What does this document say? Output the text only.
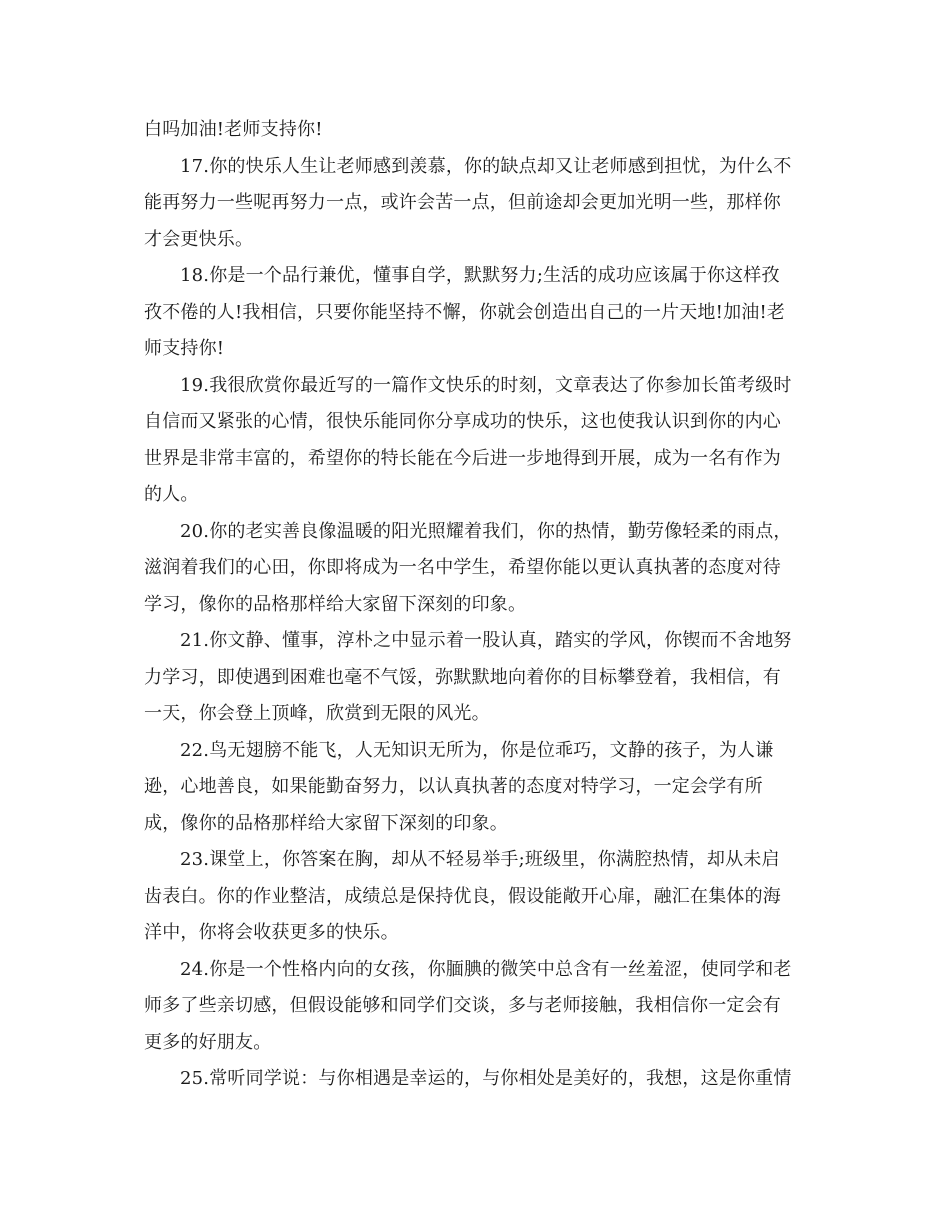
白吗加油!老师支持你!
17.你的快乐人生让老师感到羡慕，你的缺点却又让老师感到担忧，为什么不
能再努力一些呢再努力一点，或许会苦一点，但前途却会更加光明一些，那样你
才会更快乐。
18.你是一个品行兼优，懂事自学，默默努力;生活的成功应该属于你这样孜
孜不倦的人!我相信，只要你能坚持不懈，你就会创造出自己的一片天地!加油!老
师支持你!
19.我很欣赏你最近写的一篇作文快乐的时刻，文章表达了你参加长笛考级时
自信而又紧张的心情，很快乐能同你分享成功的快乐，这也使我认识到你的内心
世界是非常丰富的，希望你的特长能在今后进一步地得到开展，成为一名有作为
的人。
20.你的老实善良像温暖的阳光照耀着我们，你的热情，勤劳像轻柔的雨点，
滋润着我们的心田，你即将成为一名中学生，希望你能以更认真执著的态度对待
学习，像你的品格那样给大家留下深刻的印象。
21.你文静、懂事，淳朴之中显示着一股认真，踏实的学风，你锲而不舍地努
力学习，即使遇到困难也毫不气馁，弥默默地向着你的目标攀登着，我相信，有
一天，你会登上顶峰，欣赏到无限的风光。
22.鸟无翅膀不能飞，人无知识无所为，你是位乖巧，文静的孩子，为人谦
逊，心地善良，如果能勤奋努力，以认真执著的态度对特学习，一定会学有所
成，像你的品格那样给大家留下深刻的印象。
23.课堂上，你答案在胸，却从不轻易举手;班级里，你满腔热情，却从未启
齿表白。你的作业整洁，成绩总是保持优良，假设能敞开心扉，融汇在集体的海
洋中，你将会收获更多的快乐。
24.你是一个性格内向的女孩，你腼腆的微笑中总含有一丝羞涩，使同学和老
师多了些亲切感，但假设能够和同学们交谈，多与老师接触，我相信你一定会有
更多的好朋友。
25.常听同学说：与你相遇是幸运的，与你相处是美好的，我想，这是你重情
